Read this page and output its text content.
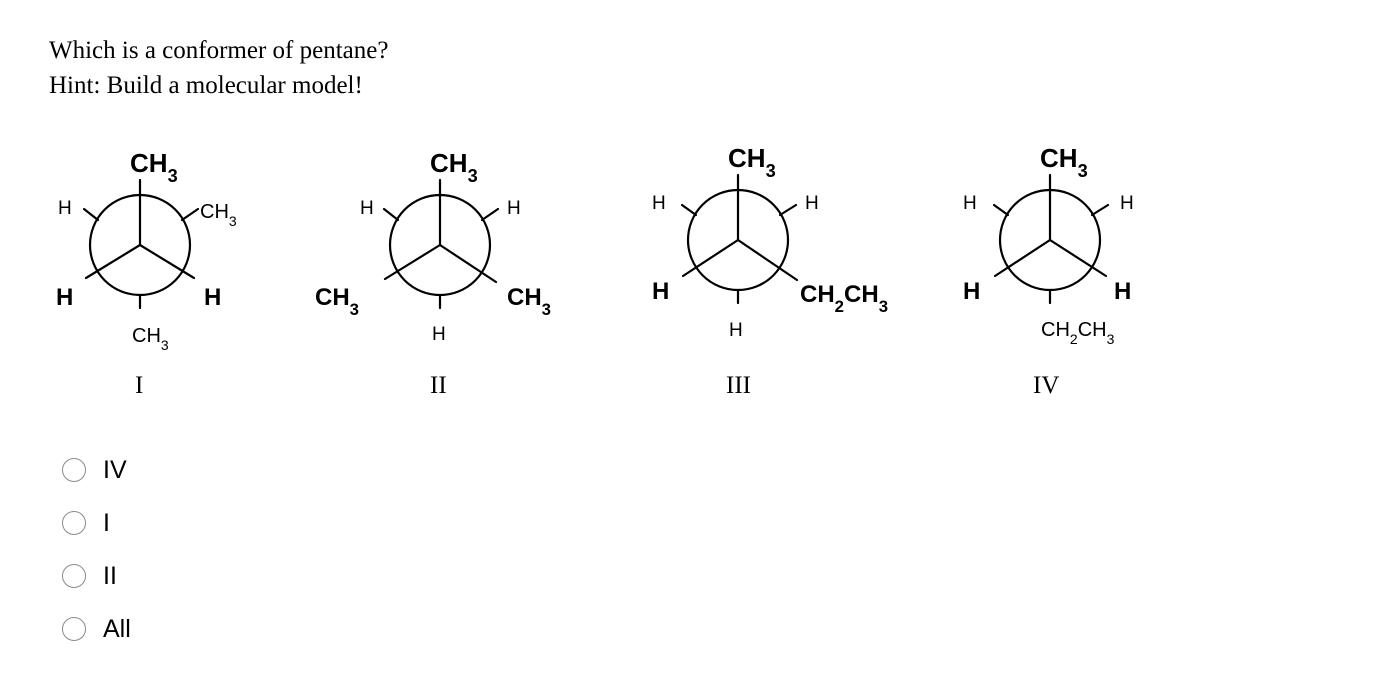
Which is a conformer of pentane?
Hint: Build a molecular model!
$CH_3$
H	$CH_3$
H	H
$CH_3$
I
$CH_3$
H	H
$CH_3$	$CH_3$
H
II
$CH_3$
H	H
H	$CH_2CH_3$
H
III
$CH_3$
H	H
H	H
$CH_2CH_3$
IV
IV
I
II
All
